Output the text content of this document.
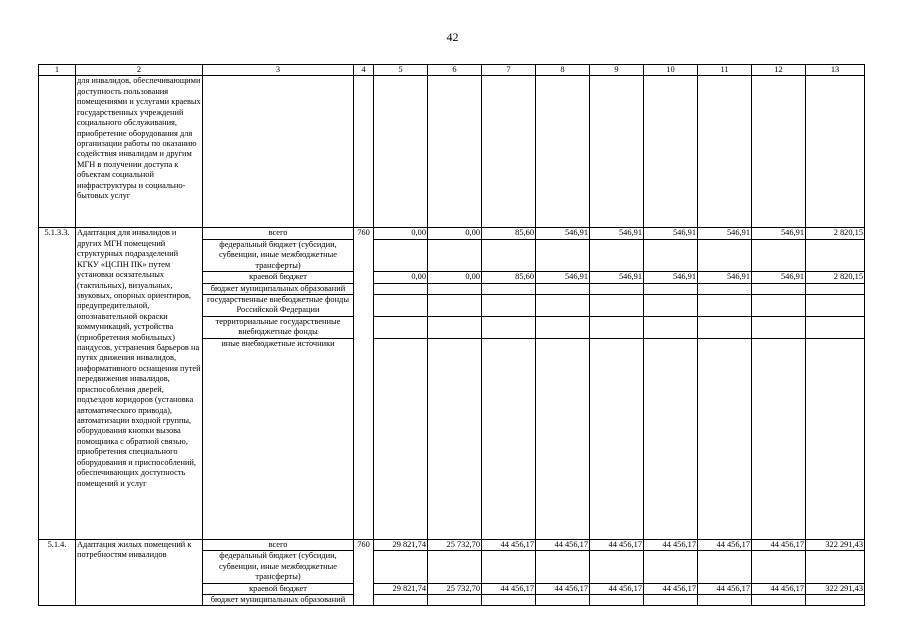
42
1	2	3	4	5	6	7	8	9	10	11	12	13
	для инвалидов, обеспечивающими доступность пользования помещениями и услугами краевых государственных учреждений социального обслуживания, приобретение оборудования для организации работы по оказанию содействия инвалидам и другим МГН в получении доступа к объектам социальной инфраструктуры и социально-бытовых услуг											
5.1.3.3.	Адаптация для инвалидов и других МГН помещений структурных подразделений КГКУ «ЦСПН ПК» путем установки осязательных (тактильных), визуальных, звуковых, опорных ориентиров, предупредительной, опознавательной окраски коммуникаций, устройства (приобретения мобильных) пандусов, устранения барьеров на путях движения инвалидов, информативного оснащения путей передвижения инвалидов, приспособления дверей, подъездов коридоров (установка автоматического привода), автоматизации входной группы, оборудования кнопки вызова помощника с обратной связью, приобретения специального оборудования и приспособлений, обеспечивающих доступность помещений и услуг	всего	760	0,00	0,00	85,60	546,91	546,91	546,91	546,91	546,91	2 820,15
		федеральный бюджет (субсидии, субвенции, иные межбюджетные трансферты)										
		краевой бюджет		0,00	0,00	85,60	546,91	546,91	546,91	546,91	546,91	2 820,15
		бюджет муниципальных образований										
		государственные внебюджетные фонды Российской Федерации										
		территориальные государственные внебюджетные фонды										
		иные внебюджетные источники										
5.1.4.	Адаптация жилых помещений к потребностям инвалидов	всего	760	29 821,74	25 732,70	44 456,17	44 456,17	44 456,17	44 456,17	44 456,17	44 456,17	322 291,43
		федеральный бюджет (субсидии, субвенции, иные межбюджетные трансферты)										
		краевой бюджет		29 821,74	25 732,70	44 456,17	44 456,17	44 456,17	44 456,17	44 456,17	44 456,17	322 291,43
		бюджет муниципальных образований										
